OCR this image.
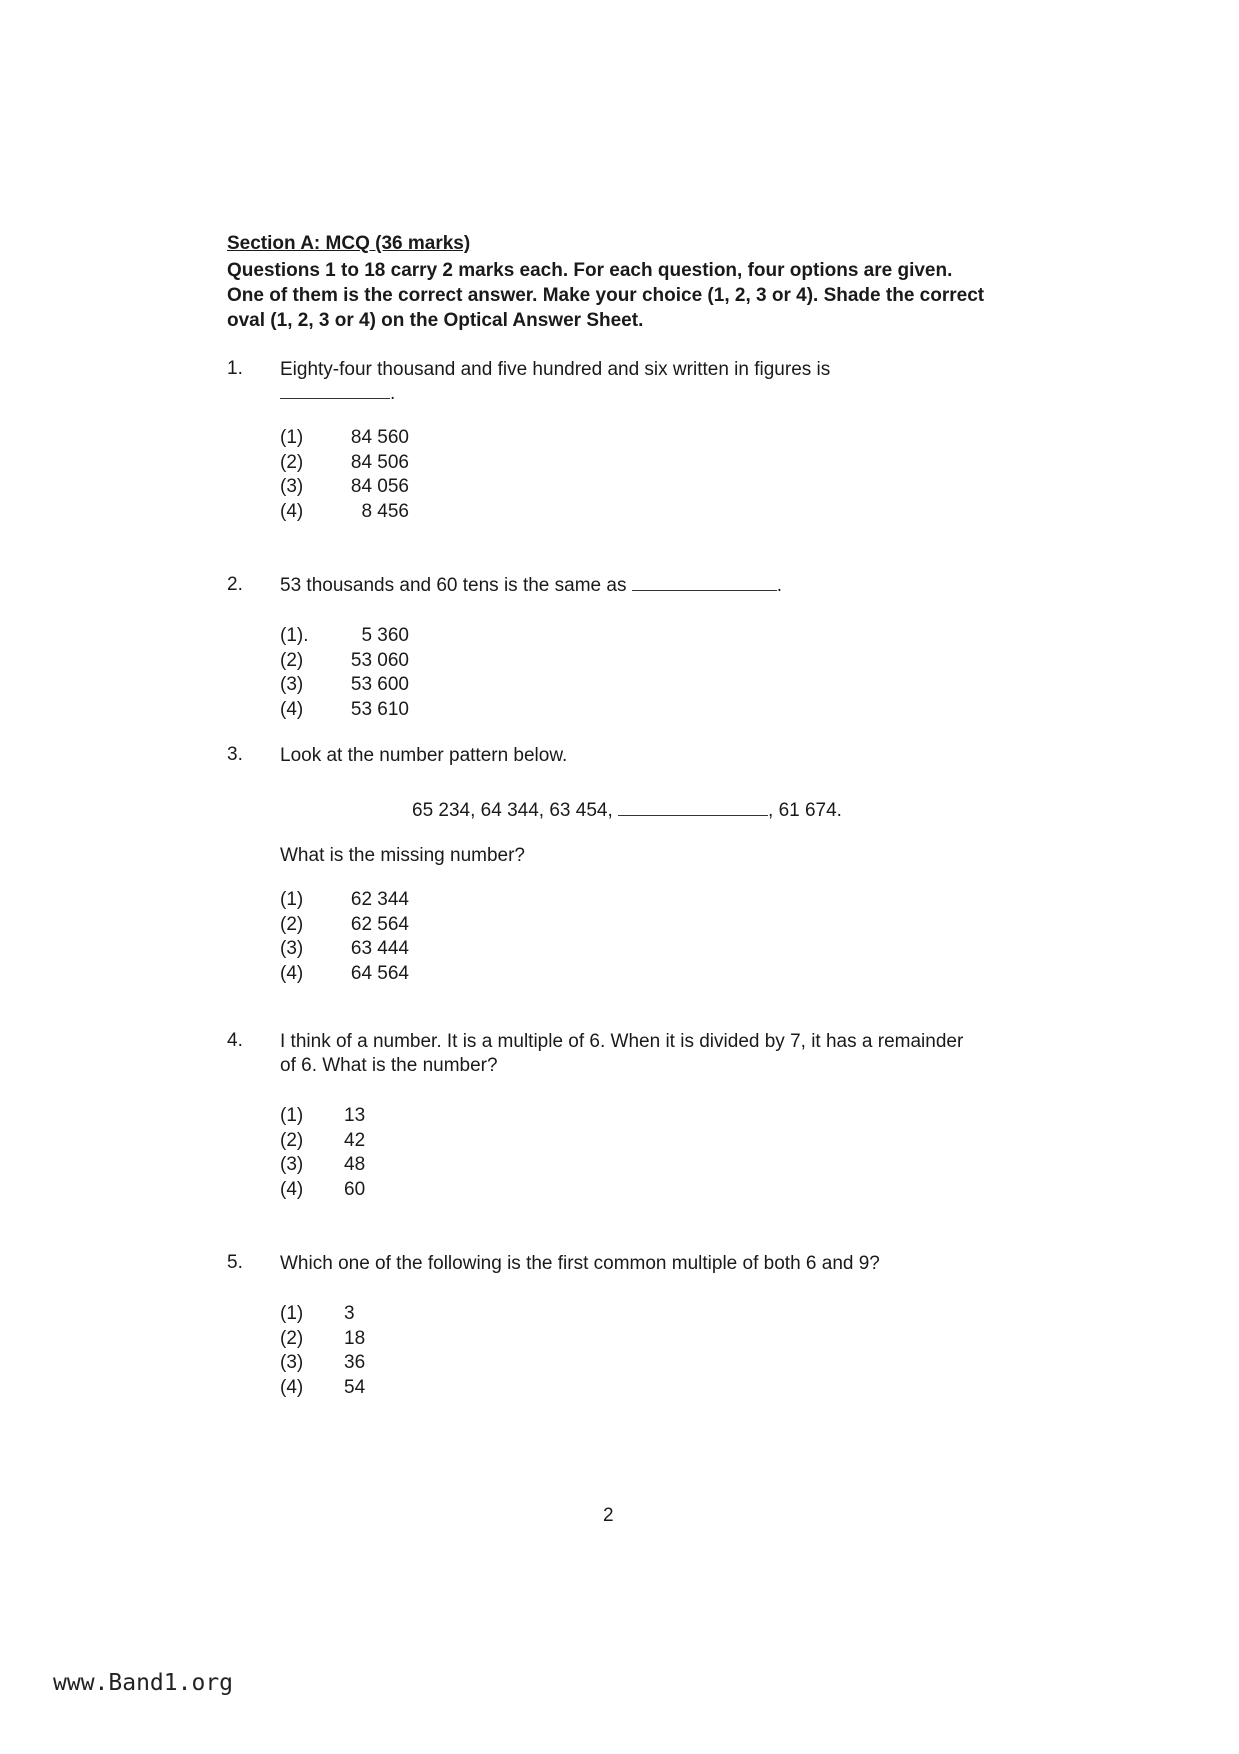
Section A: MCQ (36 marks)
Questions 1 to 18 carry 2 marks each. For each question, four options are given. One of them is the correct answer. Make your choice (1, 2, 3 or 4). Shade the correct oval (1, 2, 3 or 4) on the Optical Answer Sheet.
1. Eighty-four thousand and five hundred and six written in figures is
.
(1)	84 560
(2)	84 506
(3)	84 056
(4)	8 456
2. 53 thousands and 60 tens is the same as	.
(1).	5 360
(2)	53 060
(3)	53 600
(4)	53 610
3. Look at the number pattern below.
65 234, 64 344, 63 454,	, 61 674.
What is the missing number?
(1)	62 344
(2)	62 564
(3)	63 444
(4)	64 564
4. I think of a number. It is a multiple of 6. When it is divided by 7, it has a remainder of 6. What is the number?
(1) 13
(2) 42
(3) 48
(4) 60
5. Which one of the following is the first common multiple of both 6 and 9?
(1) 3
(2) 18
(3) 36
(4) 54
2
www.Band1.org
